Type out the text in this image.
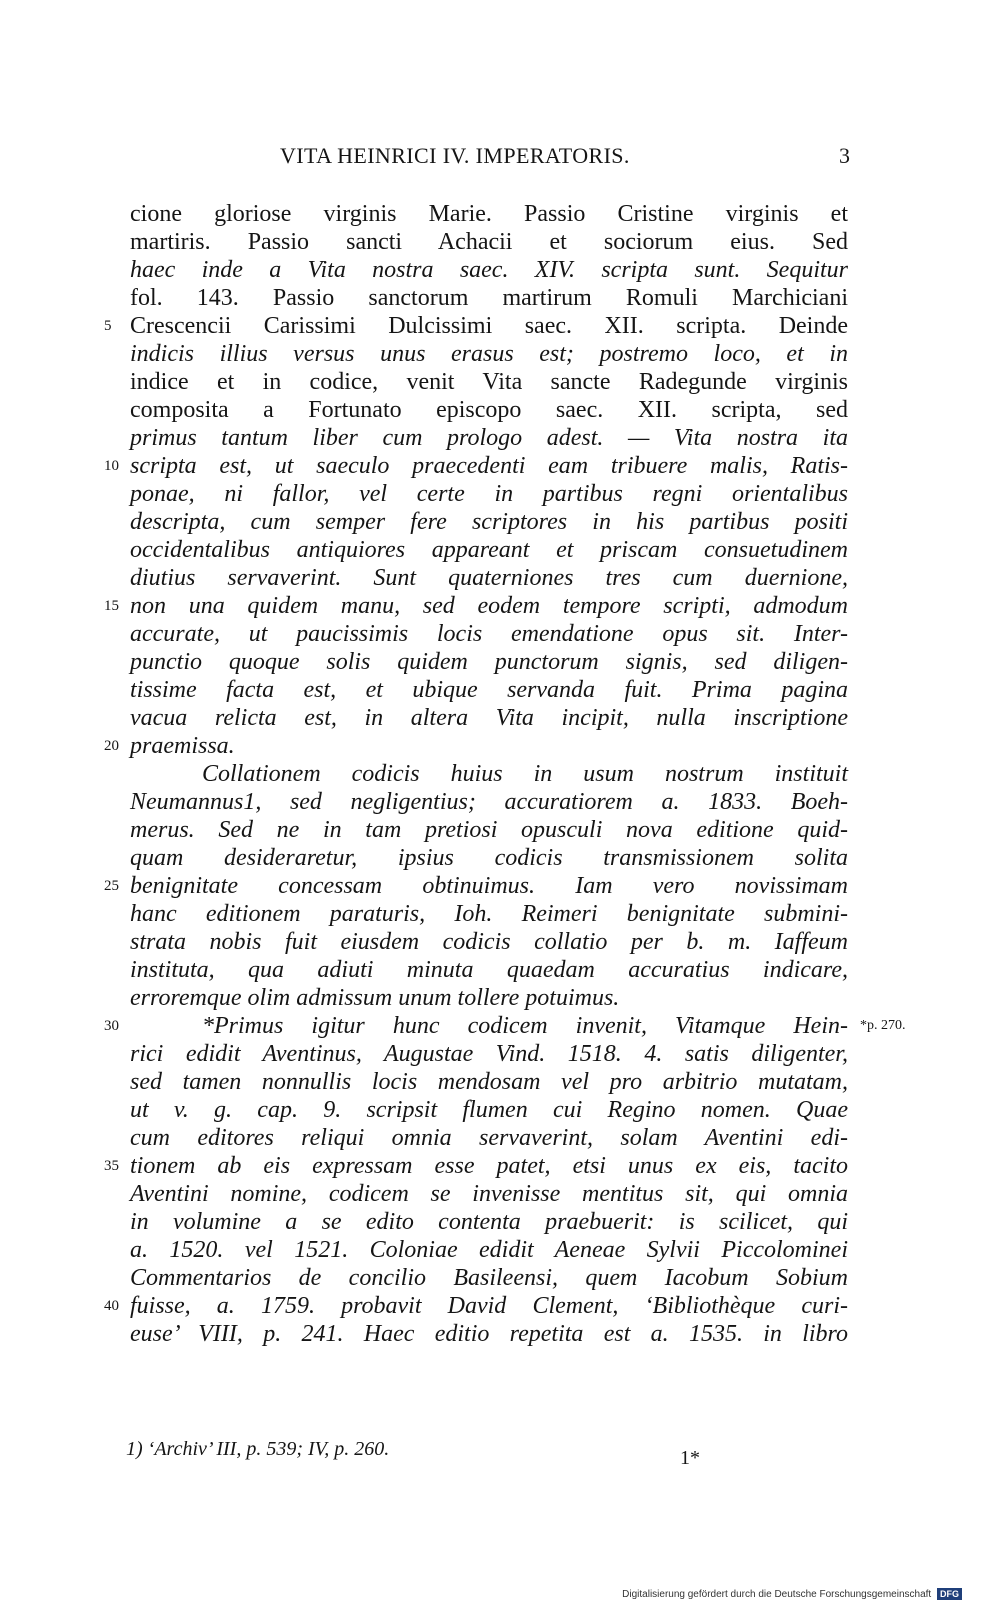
VITA HEINRICI IV. IMPERATORIS.	3
cione gloriose virginis Marie. Passio Cristine virginis et
martiris. Passio sancti Achacii et sociorum eius. Sed
haec inde a Vita nostra saec. XIV. scripta sunt. Sequitur
fol. 143. Passio sanctorum martirum Romuli Marchiciani
Crescencii Carissimi Dulcissimi saec. XII. scripta. Deinde
indicis illius versus unus erasus est; postremo loco, et in
indice et in codice, venit Vita sancte Radegunde virginis
composita a Fortunato episcopo saec. XII. scripta, sed
primus tantum liber cum prologo adest. — Vita nostra ita
scripta est, ut saeculo praecedenti eam tribuere malis, Ratis-
ponae, ni fallor, vel certe in partibus regni orientalibus
descripta, cum semper fere scriptores in his partibus positi
occidentalibus antiquiores appareant et priscam consuetudinem
diutius servaverint. Sunt quaterniones tres cum duernione,
non una quidem manu, sed eodem tempore scripti, admodum
accurate, ut paucissimis locis emendatione opus sit. Inter-
punctio quoque solis quidem punctorum signis, sed diligen-
tissime facta est, et ubique servanda fuit. Prima pagina
vacua relicta est, in altera Vita incipit, nulla inscriptione
praemissa.
Collationem codicis huius in usum nostrum instituit
Neumannus1, sed negligentius; accuratiorem a. 1833. Boeh-
merus. Sed ne in tam pretiosi opusculi nova editione quid-
quam desideraretur, ipsius codicis transmissionem solita
benignitate concessam obtinuimus. Iam vero novissimam
hanc editionem paraturis, Ioh. Reimeri benignitate submini-
strata nobis fuit eiusdem codicis collatio per b. m. Iaffeum
instituta, qua adiuti minuta quaedam accuratius indicare,
erroremque olim admissum unum tollere potuimus.
*Primus igitur hunc codicem invenit, Vitamque Hein-
rici edidit Aventinus, Augustae Vind. 1518. 4. satis diligenter,
sed tamen nonnullis locis mendosam vel pro arbitrio mutatam,
ut v. g. cap. 9. scripsit flumen cui Regino nomen. Quae
cum editores reliqui omnia servaverint, solam Aventini edi-
tionem ab eis expressam esse patet, etsi unus ex eis, tacito
Aventini nomine, codicem se invenisse mentitus sit, qui omnia
in volumine a se edito contenta praebuerit: is scilicet, qui
a. 1520. vel 1521. Coloniae edidit Aeneae Sylvii Piccolominei
Commentarios de concilio Basileensi, quem Iacobum Sobium
fuisse, a. 1759. probavit David Clement, ‘Bibliothèque curi-
euse’ VIII, p. 241. Haec editio repetita est a. 1535. in libro
5
10
15
20
25
30
35
40
*p. 270.
1) ‘Archiv’ III, p. 539; IV, p. 260.	1*
Digitalisierung gefördert durch die Deutsche Forschungsgemeinschaft DFG
